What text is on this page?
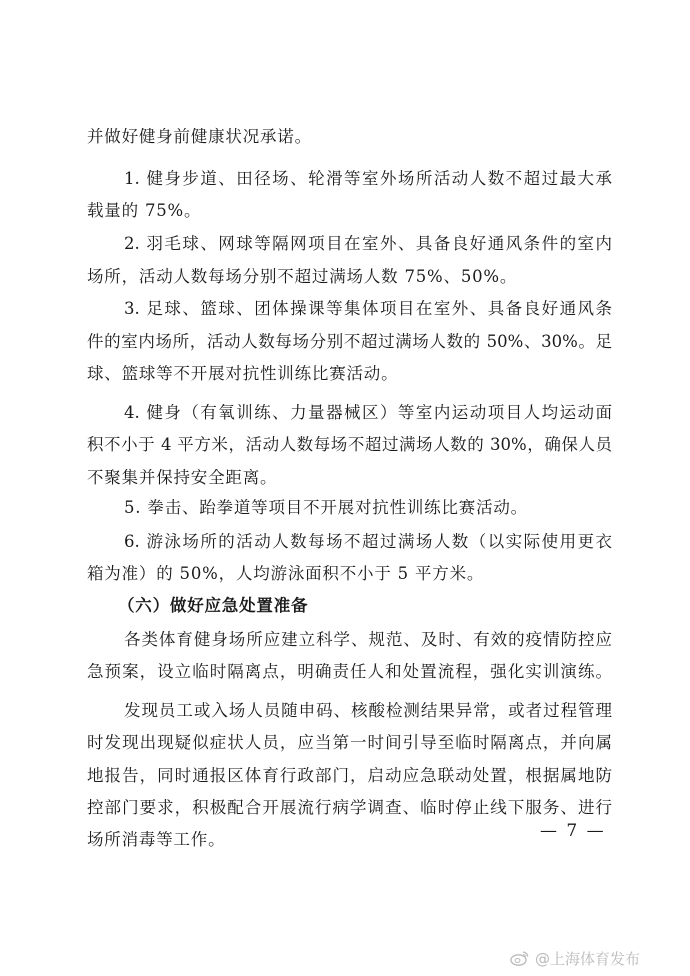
并做好健身前健康状况承诺。
1. 健身步道、田径场、轮滑等室外场所活动人数不超过最大承
载量的 75%。
2. 羽毛球、网球等隔网项目在室外、具备良好通风条件的室内
场所，活动人数每场分别不超过满场人数 75%、50%。
3. 足球、篮球、团体操课等集体项目在室外、具备良好通风条
件的室内场所，活动人数每场分别不超过满场人数的 50%、30%。足
球、篮球等不开展对抗性训练比赛活动。
4. 健身（有氧训练、力量器械区）等室内运动项目人均运动面
积不小于 4 平方米，活动人数每场不超过满场人数的 30%，确保人员
不聚集并保持安全距离。
5. 拳击、跆拳道等项目不开展对抗性训练比赛活动。
6. 游泳场所的活动人数每场不超过满场人数（以实际使用更衣
箱为准）的 50%，人均游泳面积不小于 5 平方米。
（六）做好应急处置准备
各类体育健身场所应建立科学、规范、及时、有效的疫情防控应
急预案，设立临时隔离点，明确责任人和处置流程，强化实训演练。
发现员工或入场人员随申码、核酸检测结果异常，或者过程管理
时发现出现疑似症状人员，应当第一时间引导至临时隔离点，并向属
地报告，同时通报区体育行政部门，启动应急联动处置，根据属地防
控部门要求，积极配合开展流行病学调查、临时停止线下服务、进行
场所消毒等工作。	— 7 —
@上海体育发布
